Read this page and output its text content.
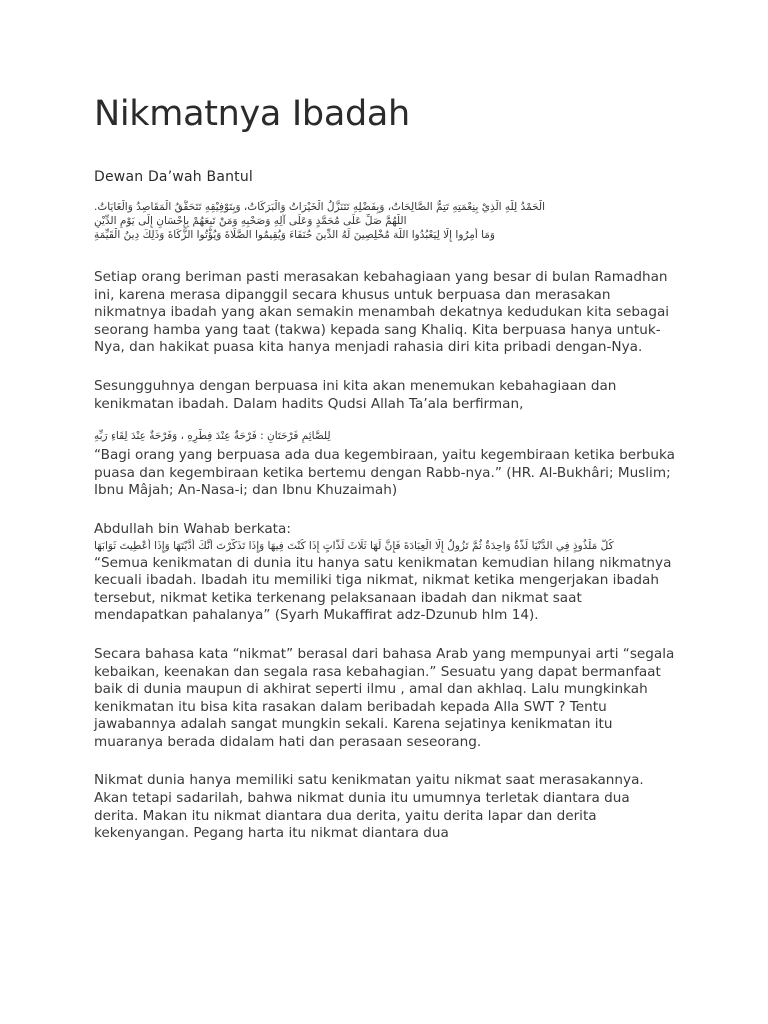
Nikmatnya Ibadah
Dewan Da’wah Bantul
الْحَمْدُ لِلَّهِ الَّذِيْ بِنِعْمَتِهِ تَتِمُّ الصَّالِحَاتُ، وَبِفَضْلِهِ تَتَنَزَّلُ الْخَيْرَاتُ وَالْبَرَكَاتُ، وَبِتَوْفِيْقِهِ تَتَحَقَّقُ الْمَقَاصِدُ وَالْغَايَاتُ.
اللَّهُمَّ صَلِّ عَلَى مُحَمَّدٍ وَعَلَى آلِهِ وَصَحْبِهِ وَمَنْ تَبِعَهُمْ بِإِحْسَانٍ إِلَى يَوْمِ الدِّيْنِ
وَمَا أُمِرُوا إِلَّا لِيَعْبُدُوا اللَّهَ مُخْلِصِينَ لَهُ الدِّينَ حُنَفَاءَ وَيُقِيمُوا الصَّلَاةَ وَيُؤْتُوا الزَّكَاةَ وَذَلِكَ دِينُ الْقَيِّمَةِ

Setiap orang beriman pasti merasakan kebahagiaan yang besar di bulan Ramadhan ini, karena merasa dipanggil secara khusus untuk berpuasa dan merasakan nikmatnya ibadah yang akan semakin menambah dekatnya kedudukan kita sebagai seorang hamba yang taat (takwa) kepada sang Khaliq. Kita berpuasa hanya untuk-Nya, dan hakikat puasa kita hanya menjadi rahasia diri kita pribadi dengan-Nya.

Sesungguhnya dengan berpuasa ini kita akan menemukan kebahagiaan dan kenikmatan ibadah. Dalam hadits Qudsi Allah Ta’ala berfirman,

لِلصَّائِمِ فَرْحَتَانِ : فَرْحَةٌ عِنْدَ فِطْرِهِ ، وَفَرْحَةٌ عِنْدَ لِقَاءِ رَبِّهِ

“Bagi orang yang berpuasa ada dua kegembiraan, yaitu kegembiraan ketika berbuka puasa dan kegembiraan ketika bertemu dengan Rabb-nya.” (HR. Al-Bukhâri; Muslim; Ibnu Mâjah; An-Nasa-i; dan Ibnu Khuzaimah)

Abdullah bin Wahab berkata:

كُلُّ مَلْذُوذٍ فِي الدُّنْيَا لَذَّةٌ وَاحِدَةٌ ثُمَّ تَزُولُ إِلَّا الْعِبَادَةَ فَإِنَّ لَهَا ثَلَاثَ لَذَّاتٍ إِذَا كُنْتَ فِيهَا وَإِذَا تَذَكَّرْتَ أَنَّكَ أَدَّيْتَهَا وَإِذَا أُعْطِيتَ ثَوَابَهَا

“Semua kenikmatan di dunia itu hanya satu kenikmatan kemudian hilang nikmatnya kecuali ibadah. Ibadah itu memiliki tiga nikmat, nikmat ketika mengerjakan ibadah tersebut, nikmat ketika terkenang pelaksanaan ibadah dan nikmat saat mendapatkan pahalanya” (Syarh Mukaffirat adz-Dzunub hlm 14).

Secara bahasa kata “nikmat” berasal dari bahasa Arab yang mempunyai arti “segala kebaikan, keenakan dan segala rasa kebahagian.” Sesuatu yang dapat bermanfaat baik di dunia maupun di akhirat seperti ilmu , amal dan akhlaq. Lalu mungkinkah kenikmatan itu bisa kita rasakan dalam beribadah kepada Alla SWT ? Tentu jawabannya adalah sangat mungkin sekali. Karena sejatinya kenikmatan itu muaranya berada didalam hati dan perasaan seseorang.

Nikmat dunia hanya memiliki satu kenikmatan yaitu nikmat saat merasakannya. Akan tetapi sadarilah, bahwa nikmat dunia itu umumnya terletak diantara dua derita. Makan itu nikmat diantara dua derita, yaitu derita lapar dan derita kekenyangan. Pegang harta itu nikmat diantara dua
